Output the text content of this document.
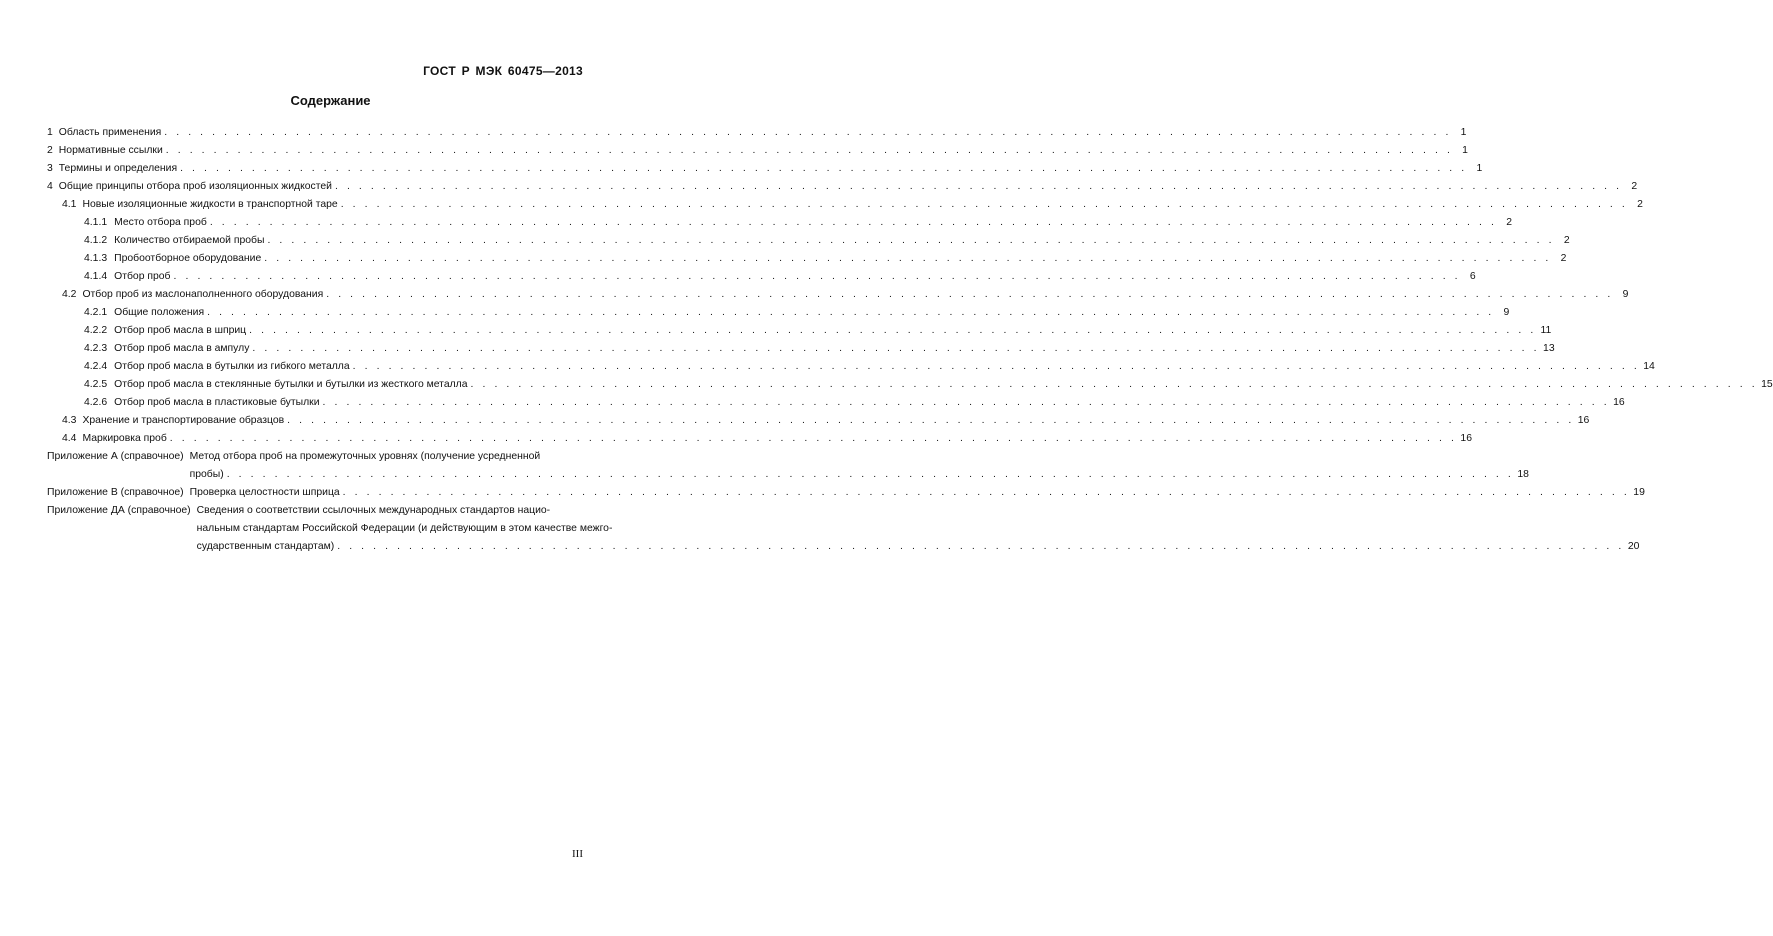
ГОСТ Р МЭК 60475—2013
Содержание
1 Область применения . . .	1
2 Нормативные ссылки . . .	1
3 Термины и определения . . .	1
4 Общие принципы отбора проб изоляционных жидкостей . . .	2
4.1 Новые изоляционные жидкости в транспортной таре . . .	2
4.1.1 Место отбора проб . . .	2
4.1.2 Количество отбираемой пробы . . .	2
4.1.3 Пробоотборное оборудование . . .	2
4.1.4 Отбор проб . . .	6
4.2 Отбор проб из маслонаполненного оборудования . . .	9
4.2.1 Общие положения . . .	9
4.2.2 Отбор проб масла в шприц . . .	11
4.2.3 Отбор проб масла в ампулу . . .	13
4.2.4 Отбор проб масла в бутылки из гибкого металла . . .	14
4.2.5 Отбор проб масла в стеклянные бутылки и бутылки из жесткого металла . . .	15
4.2.6 Отбор проб масла в пластиковые бутылки . . .	16
4.3 Хранение и транспортирование образцов . . .	16
4.4 Маркировка проб . . .	16
Приложение А (справочное) Метод отбора проб на промежуточных уровнях (получение усредненной
пробы) . . .	18
Приложение В (справочное) Проверка целостности шприца . . .	19
Приложение ДА (справочное) Сведения о соответствии ссылочных международных стандартов нацио-
нальным стандартам Российской Федерации (и действующим в этом качестве межго-
сударственным стандартам) . . .	20
III
